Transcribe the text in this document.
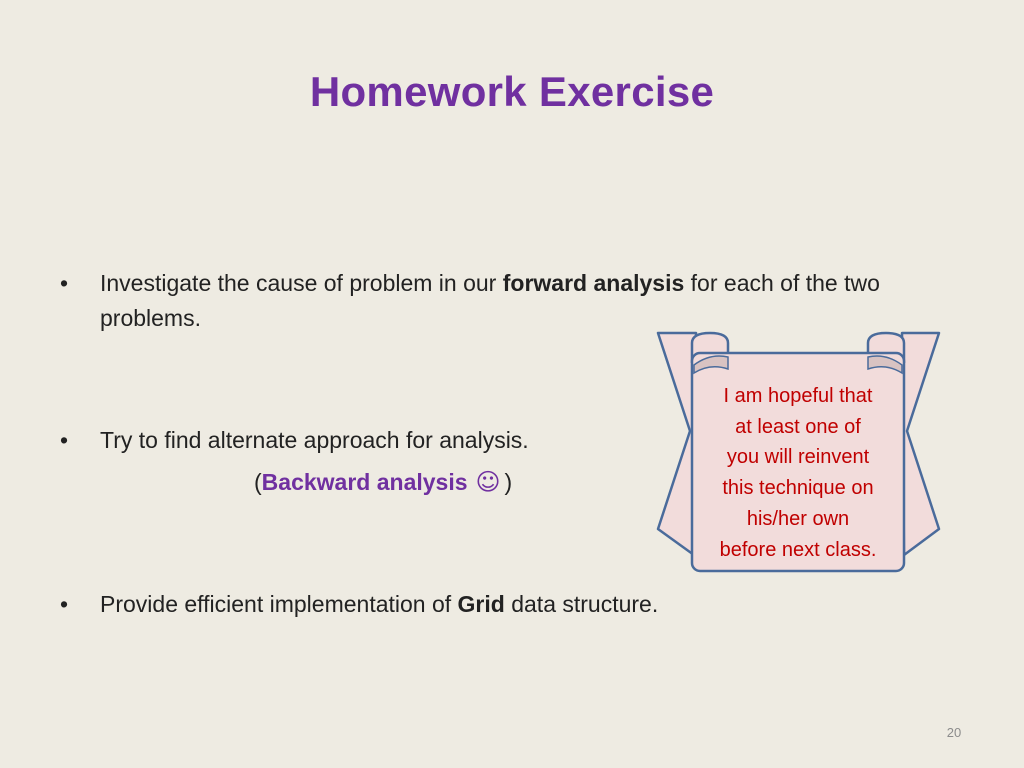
Homework Exercise
•	Investigate the cause of problem in our forward analysis for each of the two problems.
•	Try to find alternate approach for analysis.
(Backward analysis ☺ )
•	Provide efficient implementation of Grid data structure.
I am hopeful that
at least one of
you will reinvent
this technique on
his/her own
before next class.
20
